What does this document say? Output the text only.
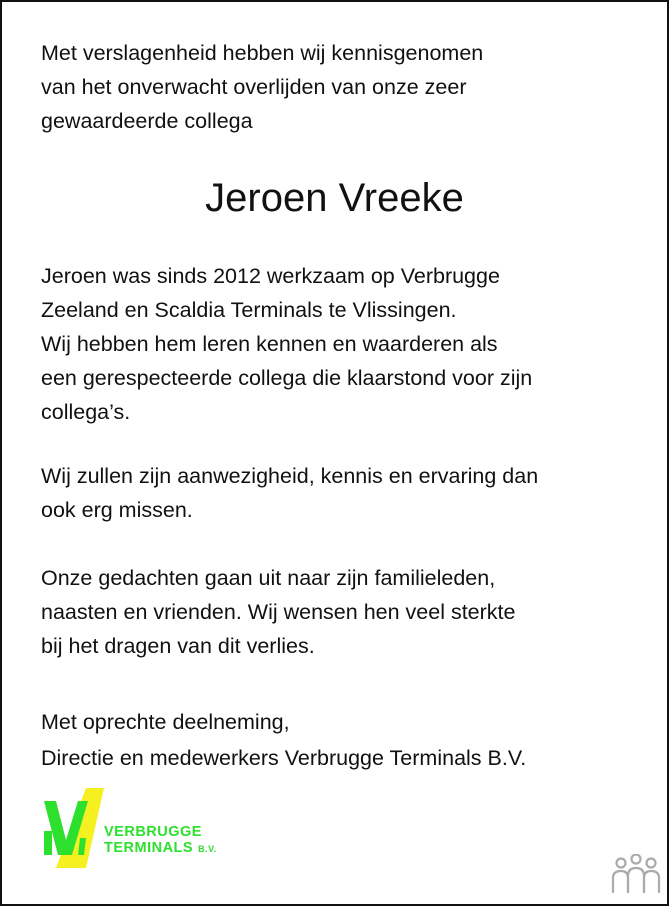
Met verslagenheid hebben wij kennisgenomen
van het onverwacht overlijden van onze zeer
gewaardeerde collega
Jeroen Vreeke
Jeroen was sinds 2012 werkzaam op Verbrugge
Zeeland en Scaldia Terminals te Vlissingen.
Wij hebben hem leren kennen en waarderen als
een gerespecteerde collega die klaarstond voor zijn
collega’s.
Wij zullen zijn aanwezigheid, kennis en ervaring dan
ook erg missen.
Onze gedachten gaan uit naar zijn familieleden,
naasten en vrienden. Wij wensen hen veel sterkte
bij het dragen van dit verlies.
Met oprechte deelneming,
Directie en medewerkers Verbrugge Terminals B.V.
VERBRUGGE
TERMINALS B.V.
